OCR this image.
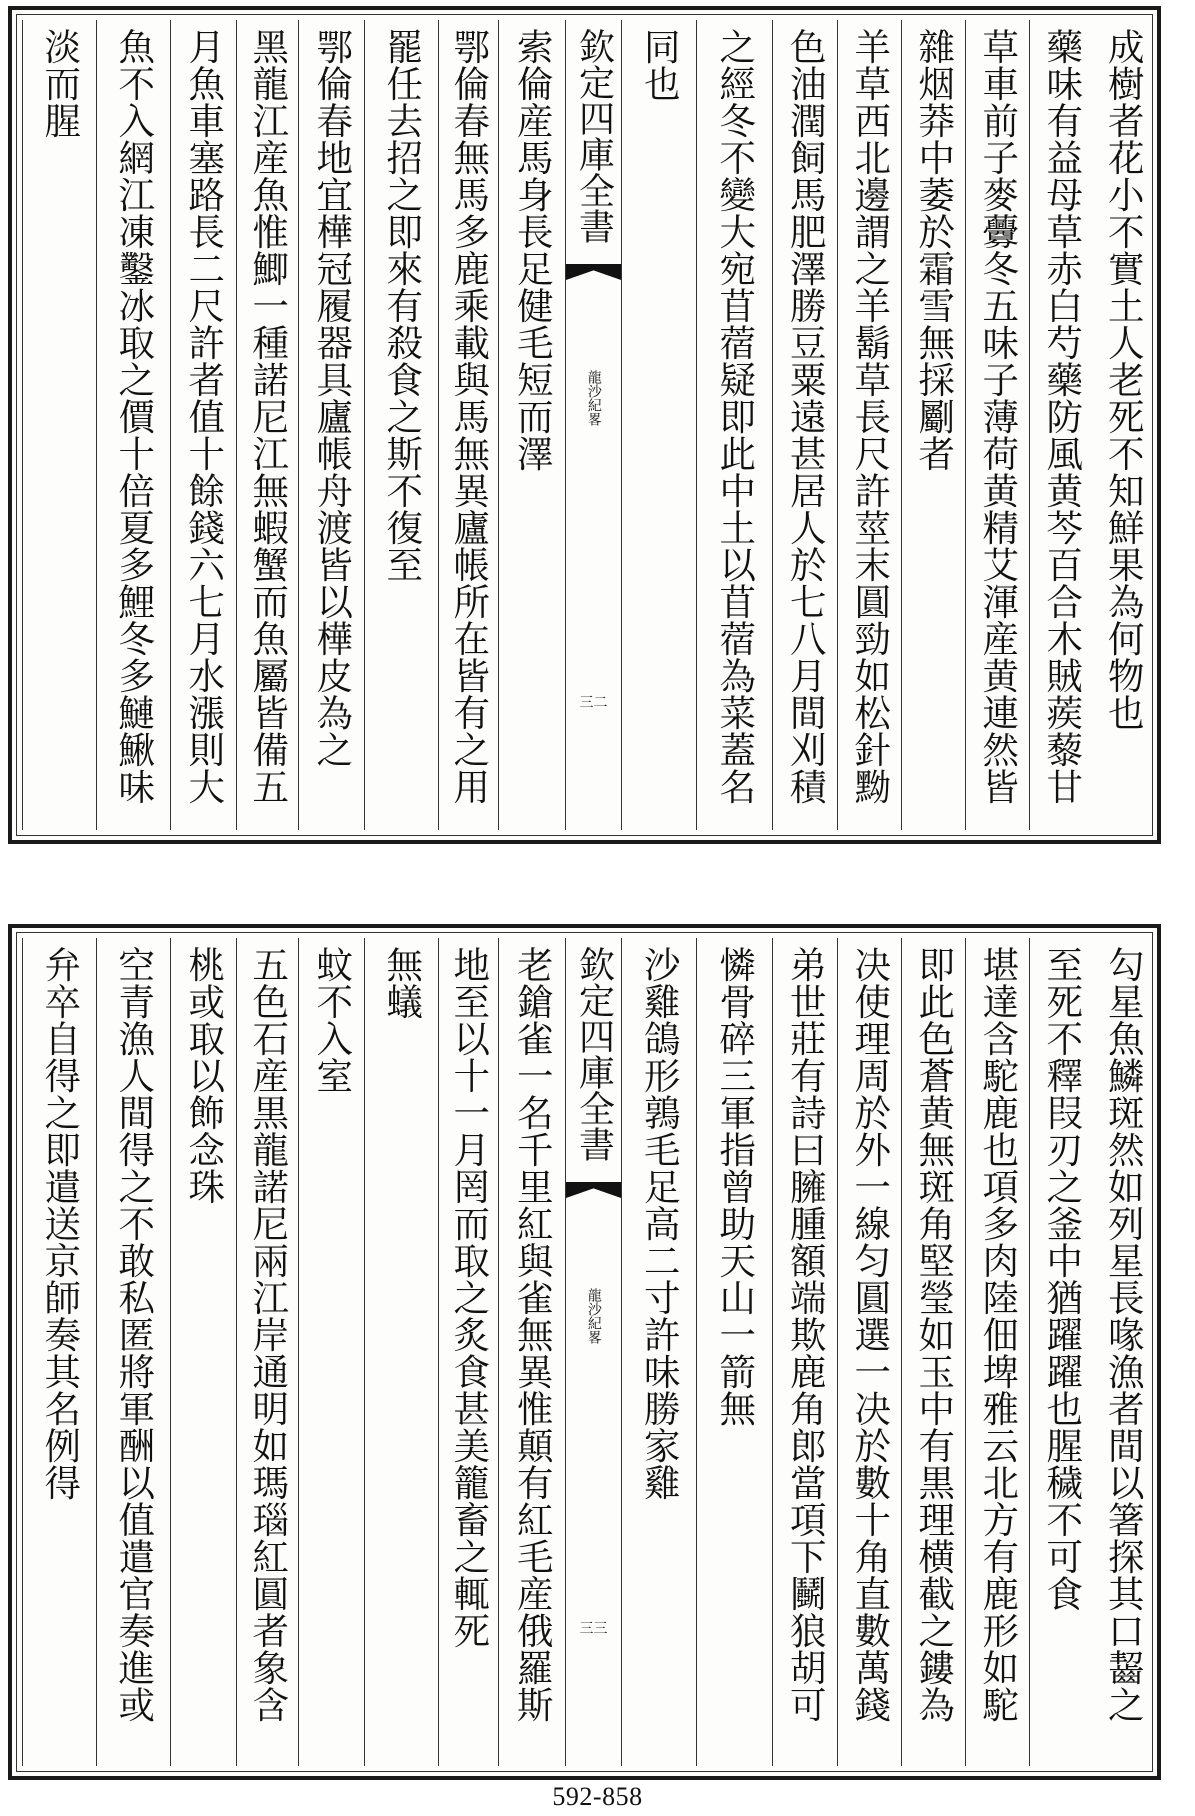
成樹者花小不實土人老死不知鮮果為何物也
藥味有益母草赤白芍藥防風黄芩百合木賊蒺藜甘
草車前子麥虋冬五味子薄荷黄精艾渾産黄連然皆
雜烟莽中萎於霜雪無採劚者
羊草西北邊謂之羊鬍草長尺許莖末圓勁如松針黝
色油潤飼馬肥澤勝豆粟遠甚居人於七八月間刈積
之經冬不變大宛苜蓿疑即此中土以苜蓿為菜蓋名
同也
欽定四庫全書
龍沙紀畧
三二
索倫産馬身長足健毛短而澤
鄂倫春無馬多鹿乘載與馬無異廬帳所在皆有之用
罷任去招之即來有殺食之斯不復至
鄂倫春地宜樺冠履器具廬帳舟渡皆以樺皮為之
黑龍江産魚惟鯽一種諾尼江無蝦蟹而魚屬皆備五
月魚車塞路長二尺許者值十餘錢六七月水漲則大
魚不入網江凍鑿冰取之價十倍夏多鯉冬多鰱鰍味
淡而腥
勾星魚鱗斑然如列星長喙漁者間以箸探其口齧之
至死不釋叚刃之釜中猶躍躍也腥穢不可食
堪達含駝鹿也項多肉陸佃埤雅云北方有鹿形如駝
即此色蒼黄無斑角堅瑩如玉中有黒理横截之鏤為
决使理周於外一線匀圓選一决於數十角直數萬錢
弟世莊有詩曰臃腫額端欺鹿角郎當項下鬭狼胡可
憐骨碎三軍指曾助天山一箭無
沙雞鴿形鶉毛足高二寸許味勝家雞
欽定四庫全書
龍沙紀畧
三三
老鎗雀一名千里紅與雀無異惟顛有紅毛産俄羅斯
地至以十一月罔而取之炙食甚美籠畜之輒死
無蟻
蚊不入室
五色石産黒龍諾尼兩江岸通明如瑪瑙紅圓者象含
桃或取以飾念珠
空青漁人間得之不敢私匿將軍酬以值遣官奏進或
弁卒自得之即遣送京師奏其名例得
592-858
